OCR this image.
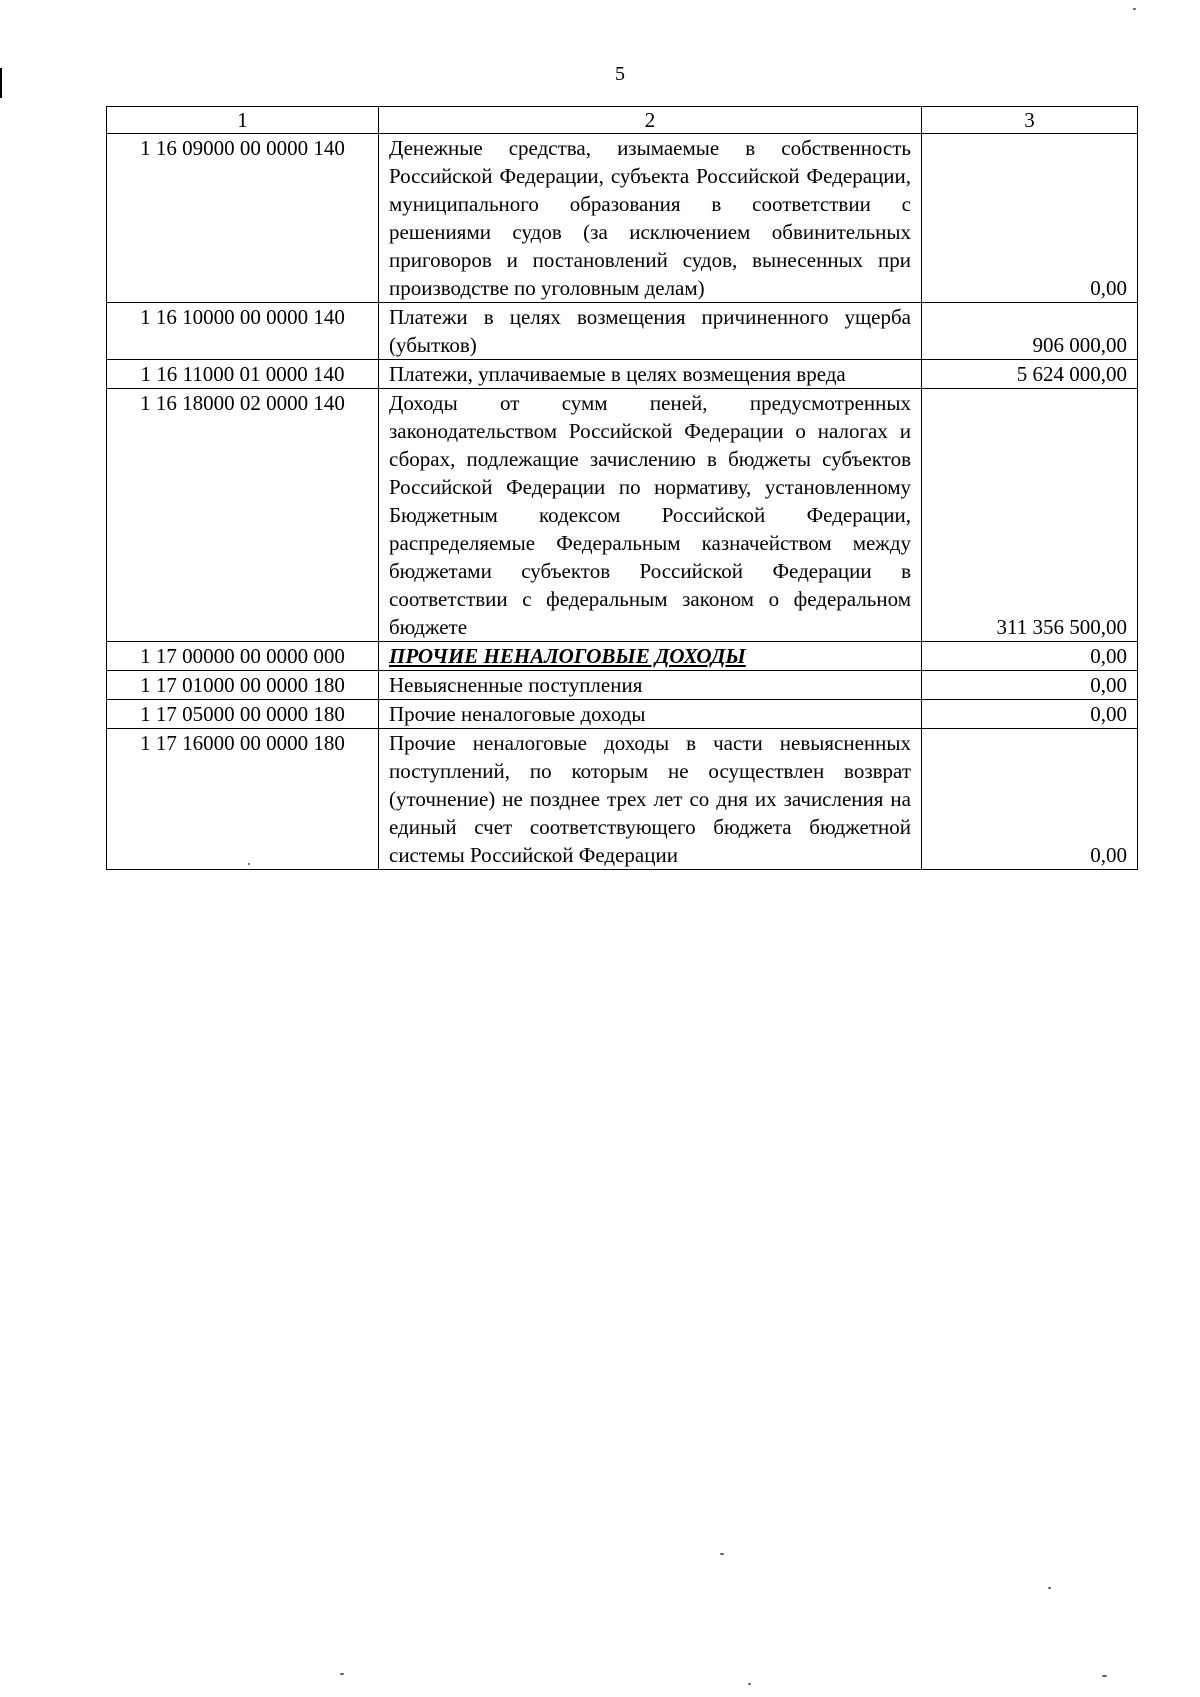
5
1	2	3
1 16 09000 00 0000 140	Денежные средства, изымаемые в собственность Российской Федерации, субъекта Российской Федерации, муниципального образования в соответствии с решениями судов (за исключением обвинительных приговоров и постановлений судов, вынесенных при производстве по уголовным делам)	0,00
1 16 10000 00 0000 140	Платежи в целях возмещения причиненного ущерба (убытков)	906 000,00
1 16 11000 01 0000 140	Платежи, уплачиваемые в целях возмещения вреда	5 624 000,00
1 16 18000 02 0000 140	Доходы от сумм пеней, предусмотренных законодательством Российской Федерации о налогах и сборах, подлежащие зачислению в бюджеты субъектов Российской Федерации по нормативу, установленному Бюджетным кодексом Российской Федерации, распределяемые Федеральным казначейством между бюджетами субъектов Российской Федерации в соответствии с федеральным законом о федеральном бюджете	311 356 500,00
1 17 00000 00 0000 000	ПРОЧИЕ НЕНАЛОГОВЫЕ ДОХОДЫ	0,00
1 17 01000 00 0000 180	Невыясненные поступления	0,00
1 17 05000 00 0000 180	Прочие неналоговые доходы	0,00
1 17 16000 00 0000 180	Прочие неналоговые доходы в части невыясненных поступлений, по которым не осуществлен возврат (уточнение) не позднее трех лет со дня их зачисления на единый счет соответствующего бюджета бюджетной системы Российской Федерации	0,00
